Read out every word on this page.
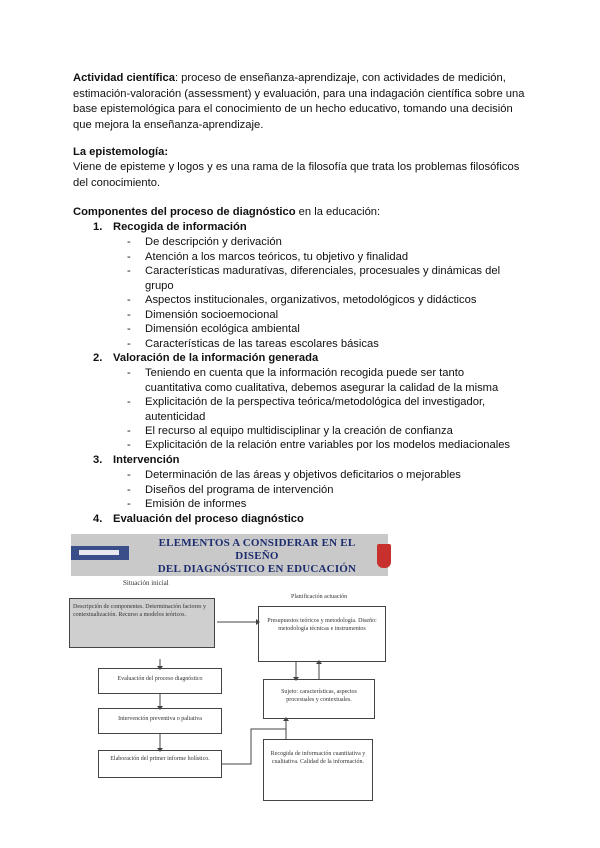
Actividad científica: proceso de enseñanza-aprendizaje, con actividades de medición, estimación-valoración (assessment) y evaluación, para una indagación científica sobre una base epistemológica para el conocimiento de un hecho educativo, tomando una decisión que mejora la enseñanza-aprendizaje.
La epistemología:
Viene de episteme y logos y es una rama de la filosofía que trata los problemas filosóficos del conocimiento.
Componentes del proceso de diagnóstico en la educación:
1. Recogida de información
- De descripción y derivación
- Atención a los marcos teóricos, tu objetivo y finalidad
- Características maduratívas, diferenciales, procesuales y dinámicas del grupo
- Aspectos institucionales, organizativos, metodológicos y didácticos
- Dimensión socioemocional
- Dimensión ecológica ambiental
- Características de las tareas escolares básicas
2. Valoración de la información generada
- Teniendo en cuenta que la información recogida puede ser tanto cuantitativa como cualitativa, debemos asegurar la calidad de la misma
- Explicitación de la perspectiva teórica/metodológica del investigador, autenticidad
- El recurso al equipo multidisciplinar y la creación de confianza
- Explicitación de la relación entre variables por los modelos mediacionales
3. Intervención
- Determinación de las áreas y objetivos deficitarios o mejorables
- Diseños del programa de intervención
- Emisión de informes
4. Evaluación del proceso diagnóstico
ELEMENTOS A CONSIDERAR EN EL DISEÑO
DEL DIAGNÓSTICO EN EDUCACIÓN
Situación inicial
Planificación actuación
Descripción de componentes. Determinación factores y contextualización. Recurso a modelos teóricos.
Evaluación del proceso diagnóstico
Intervención preventiva o paliativa
Elaboración del primer informe holístico.
Presupuestos teóricos y metodología. Diseño: metodología técnicas e instrumentos
Sujeto: características, aspectos procesuales y contextuales.
Recogida de información cuantitativa y cualitativa. Calidad de la información.
